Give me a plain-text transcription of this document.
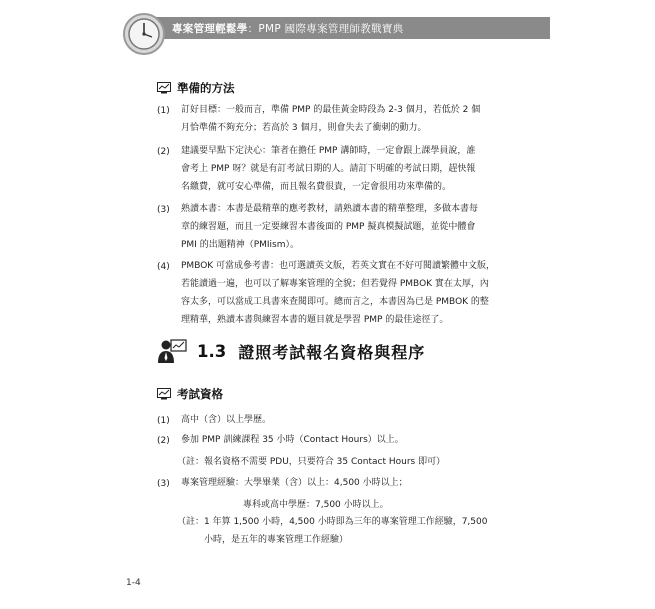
專案管理輕鬆學：PMP 國際專案管理師教戰寶典
準備的方法
(1) 訂好目標：一般而言，準備 PMP 的最佳黃金時段為 2-3 個月，若低於 2 個
月恰準備不夠充分；若高於 3 個月，則會失去了衝刺的動力。
(2) 建議要早點下定決心：筆者在擔任 PMP 講師時，一定會跟上課學員說，誰
會考上 PMP 呀？就是有訂考試日期的人。請訂下明確的考試日期，趕快報
名繳費，就可安心準備，而且報名費很貴，一定會很用功來準備的。
(3) 熟讀本書：本書是最精華的應考教材，請熟讀本書的精華整理，多做本書每
章的練習題，而且一定要練習本書後面的 PMP 擬真模擬試題，並從中體會
PMI 的出題精神（PMIism）。
(4) PMBOK 可當成參考書：也可選讀英文版，若英文實在不好可閱讀繁體中文版，
若能讀過一遍，也可以了解專案管理的全貌；但若覺得 PMBOK 實在太厚，內
容太多，可以當成工具書來查閱即可。總而言之，本書因為已是 PMBOK 的整
理精華，熟讀本書與練習本書的題目就是學習 PMP 的最佳途徑了。
1.3 證照考試報名資格與程序
考試資格
(1) 高中（含）以上學歷。
(2) 參加 PMP 訓練課程 35 小時（Contact Hours）以上。
（註：報名資格不需要 PDU，只要符合 35 Contact Hours 即可）
(3) 專案管理經驗：大學畢業（含）以上：4,500 小時以上；
專科或高中學歷：7,500 小時以上。
（註：1 年算 1,500 小時，4,500 小時即為三年的專案管理工作經驗，7,500
小時，是五年的專案管理工作經驗）
1-4
